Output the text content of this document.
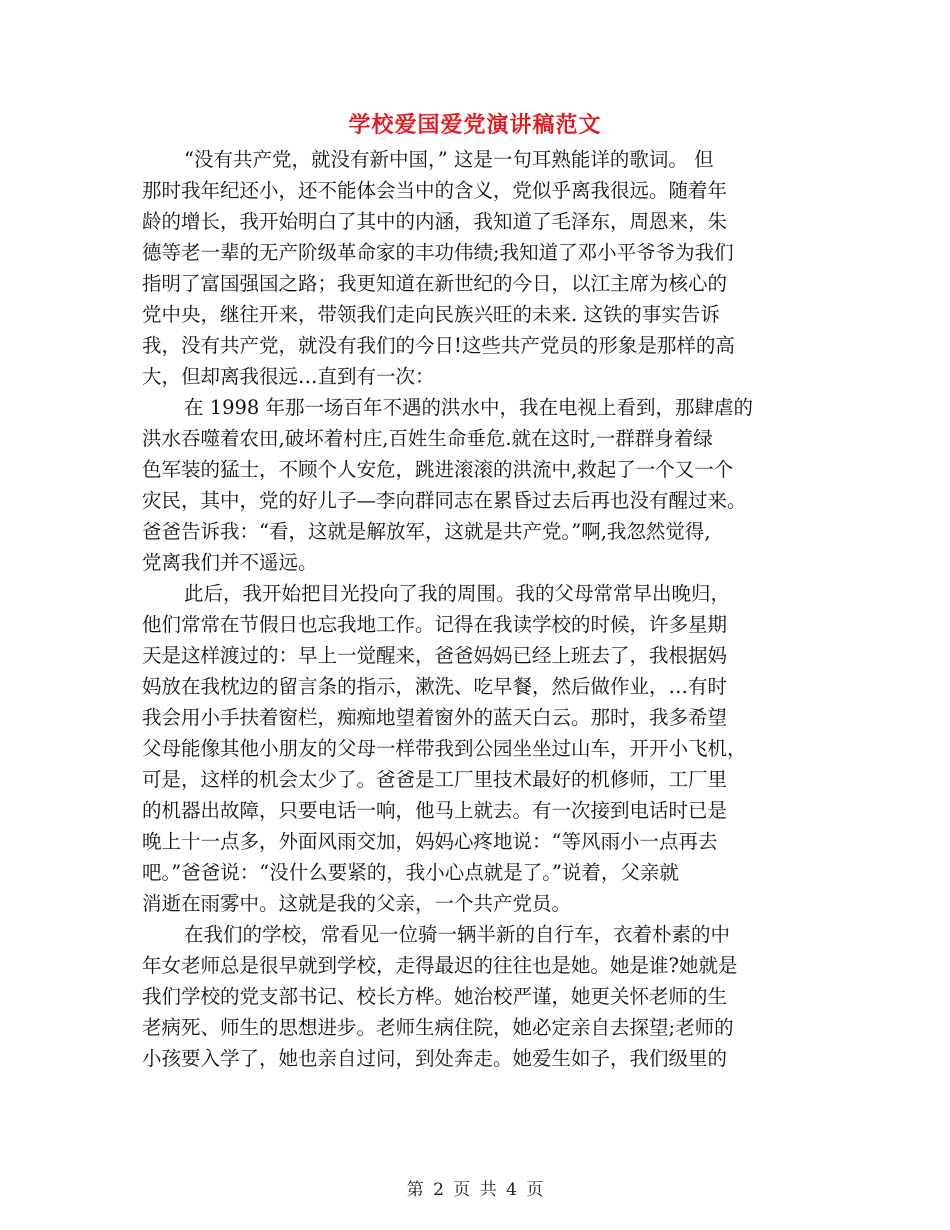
学校爱国爱党演讲稿范文

“没有共产党，就没有新中国，” 这是一句耳熟能详的歌词。 但
那时我年纪还小，还不能体会当中的含义，党似乎离我很远。随着年
龄的增长，我开始明白了其中的内涵，我知道了毛泽东，周恩来，朱
德等老一辈的无产阶级革命家的丰功伟绩;我知道了邓小平爷爷为我们
指明了富国强国之路；我更知道在新世纪的今日，以江主席为核心的
党中央，继往开来，带领我们走向民族兴旺的未来. 这铁的事实告诉
我，没有共产党，就没有我们的今日!这些共产党员的形象是那样的高
大，但却离我很远…直到有一次：

在 1998 年那一场百年不遇的洪水中，我在电视上看到，那肆虐的
洪水吞噬着农田,破坏着村庄,百姓生命垂危.就在这时,一群群身着绿
色军装的猛士，不顾个人安危，跳进滚滚的洪流中,救起了一个又一个
灾民，其中，党的好儿子—李向群同志在累昏过去后再也没有醒过来。
爸爸告诉我：“看，这就是解放军，这就是共产党。”啊,我忽然觉得,
党离我们并不遥远。

此后，我开始把目光投向了我的周围。我的父母常常早出晚归，
他们常常在节假日也忘我地工作。记得在我读学校的时候，许多星期
天是这样渡过的：早上一觉醒来，爸爸妈妈已经上班去了，我根据妈
妈放在我枕边的留言条的指示，漱洗、吃早餐，然后做作业，…有时
我会用小手扶着窗栏，痴痴地望着窗外的蓝天白云。那时，我多希望
父母能像其他小朋友的父母一样带我到公园坐坐过山车，开开小飞机，
可是，这样的机会太少了。爸爸是工厂里技术最好的机修师，工厂里
的机器出故障，只要电话一响，他马上就去。有一次接到电话时已是
晚上十一点多，外面风雨交加，妈妈心疼地说：“等风雨小一点再去
吧。”爸爸说：“没什么要紧的，我小心点就是了。”说着，父亲就
消逝在雨雾中。这就是我的父亲，一个共产党员。

在我们的学校，常看见一位骑一辆半新的自行车，衣着朴素的中
年女老师总是很早就到学校，走得最迟的往往也是她。她是谁?她就是
我们学校的党支部书记、校长方桦。她治校严谨，她更关怀老师的生
老病死、师生的思想进步。老师生病住院，她必定亲自去探望;老师的
小孩要入学了，她也亲自过问，到处奔走。她爱生如子，我们级里的

第 2 页 共 4 页
